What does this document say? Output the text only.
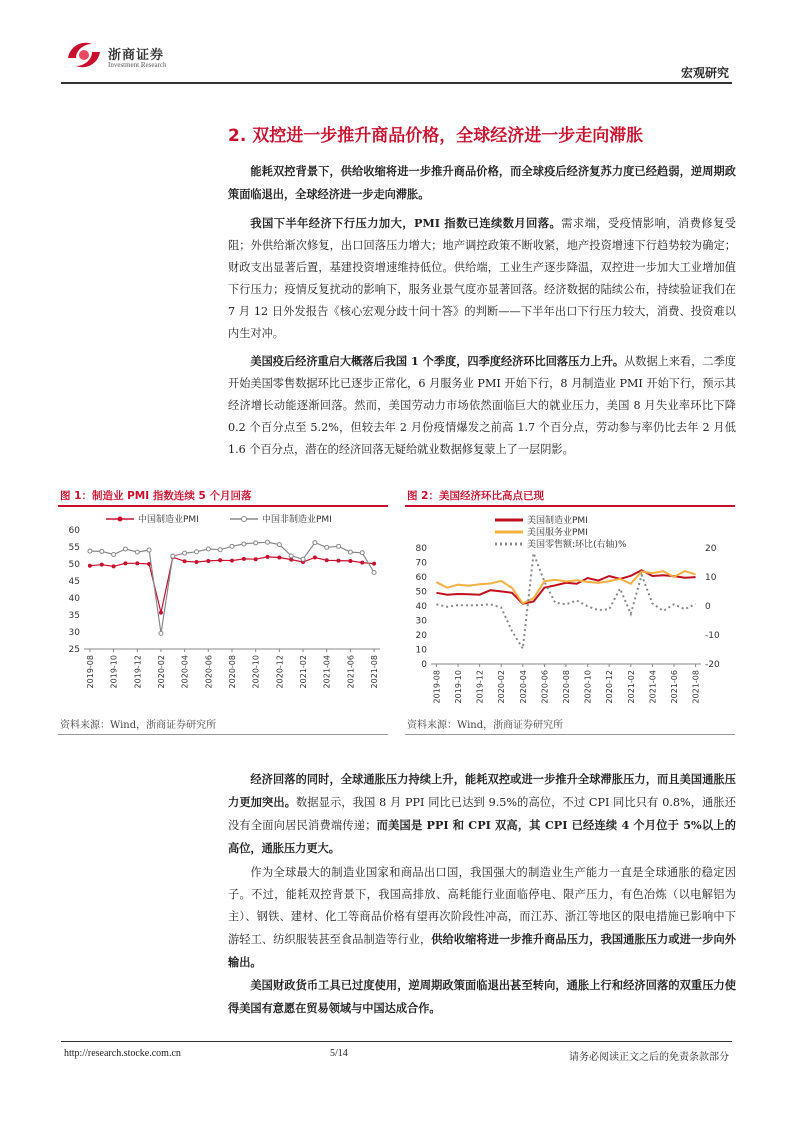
浙商证券
Investment Research
宏观研究
2. 双控进一步推升商品价格，全球经济进一步走向滞胀
能耗双控背景下，供给收缩将进一步推升商品价格，而全球疫后经济复苏力度已经趋弱，逆周期政策面临退出，全球经济进一步走向滞胀。
我国下半年经济下行压力加大，PMI 指数已连续数月回落。需求端，受疫情影响，消费修复受阻；外供给渐次修复，出口回落压力增大；地产调控政策不断收紧，地产投资增速下行趋势较为确定；财政支出显著后置，基建投资增速维持低位。供给端，工业生产逐步降温，双控进一步加大工业增加值下行压力；疫情反复扰动的影响下，服务业景气度亦显著回落。经济数据的陆续公布，持续验证我们在 7 月 12 日外发报告《核心宏观分歧十问十答》的判断——下半年出口下行压力较大，消费、投资难以内生对冲。
美国疫后经济重启大概落后我国 1 个季度，四季度经济环比回落压力上升。从数据上来看，二季度开始美国零售数据环比已逐步正常化，6 月服务业 PMI 开始下行，8 月制造业 PMI 开始下行，预示其经济增长动能逐渐回落。然而，美国劳动力市场依然面临巨大的就业压力，美国 8 月失业率环比下降 0.2 个百分点至 5.2%，但较去年 2 月份疫情爆发之前高 1.7 个百分点，劳动参与率仍比去年 2 月低 1.6 个百分点，潜在的经济回落无疑给就业数据修复蒙上了一层阴影。
图 1：制造业 PMI 指数连续 5 个月回落
25
30
35
40
45
50
55
60
2019-08 2019-10 2019-12 2020-02 2020-04 2020-06 2020-08 2020-10 2020-12 2021-02 2021-04 2021-06 2021-08
中国制造业PMI	中国非制造业PMI
资料来源：Wind，浙商证券研究所
图 2：美国经济环比高点已现
0
10
20
30
40
50
60
70
80
-20
-10
0
10
20
2019-08 2019-10 2019-12 2020-02 2020-04 2020-06 2020-08 2020-10 2020-12 2021-02 2021-04 2021-06 2021-08
美国制造业PMI
美国服务业PMI
美国零售额:环比(右轴)%
资料来源：Wind，浙商证券研究所
经济回落的同时，全球通胀压力持续上升，能耗双控或进一步推升全球滞胀压力，而且美国通胀压力更加突出。数据显示，我国 8 月 PPI 同比已达到 9.5%的高位，不过 CPI 同比只有 0.8%，通胀还没有全面向居民消费端传递；而美国是 PPI 和 CPI 双高，其 CPI 已经连续 4 个月位于 5%以上的高位，通胀压力更大。
作为全球最大的制造业国家和商品出口国，我国强大的制造业生产能力一直是全球通胀的稳定因子。不过，能耗双控背景下，我国高排放、高耗能行业面临停电、限产压力，有色冶炼（以电解铝为主）、钢铁、建材、化工等商品价格有望再次阶段性冲高，而江苏、浙江等地区的限电措施已影响中下游轻工、纺织服装甚至食品制造等行业，供给收缩将进一步推升商品压力，我国通胀压力或进一步向外输出。
美国财政货币工具已过度使用，逆周期政策面临退出甚至转向，通胀上行和经济回落的双重压力使得美国有意愿在贸易领域与中国达成合作。
http://research.stocke.com.cn	5/14	请务必阅读正文之后的免责条款部分
